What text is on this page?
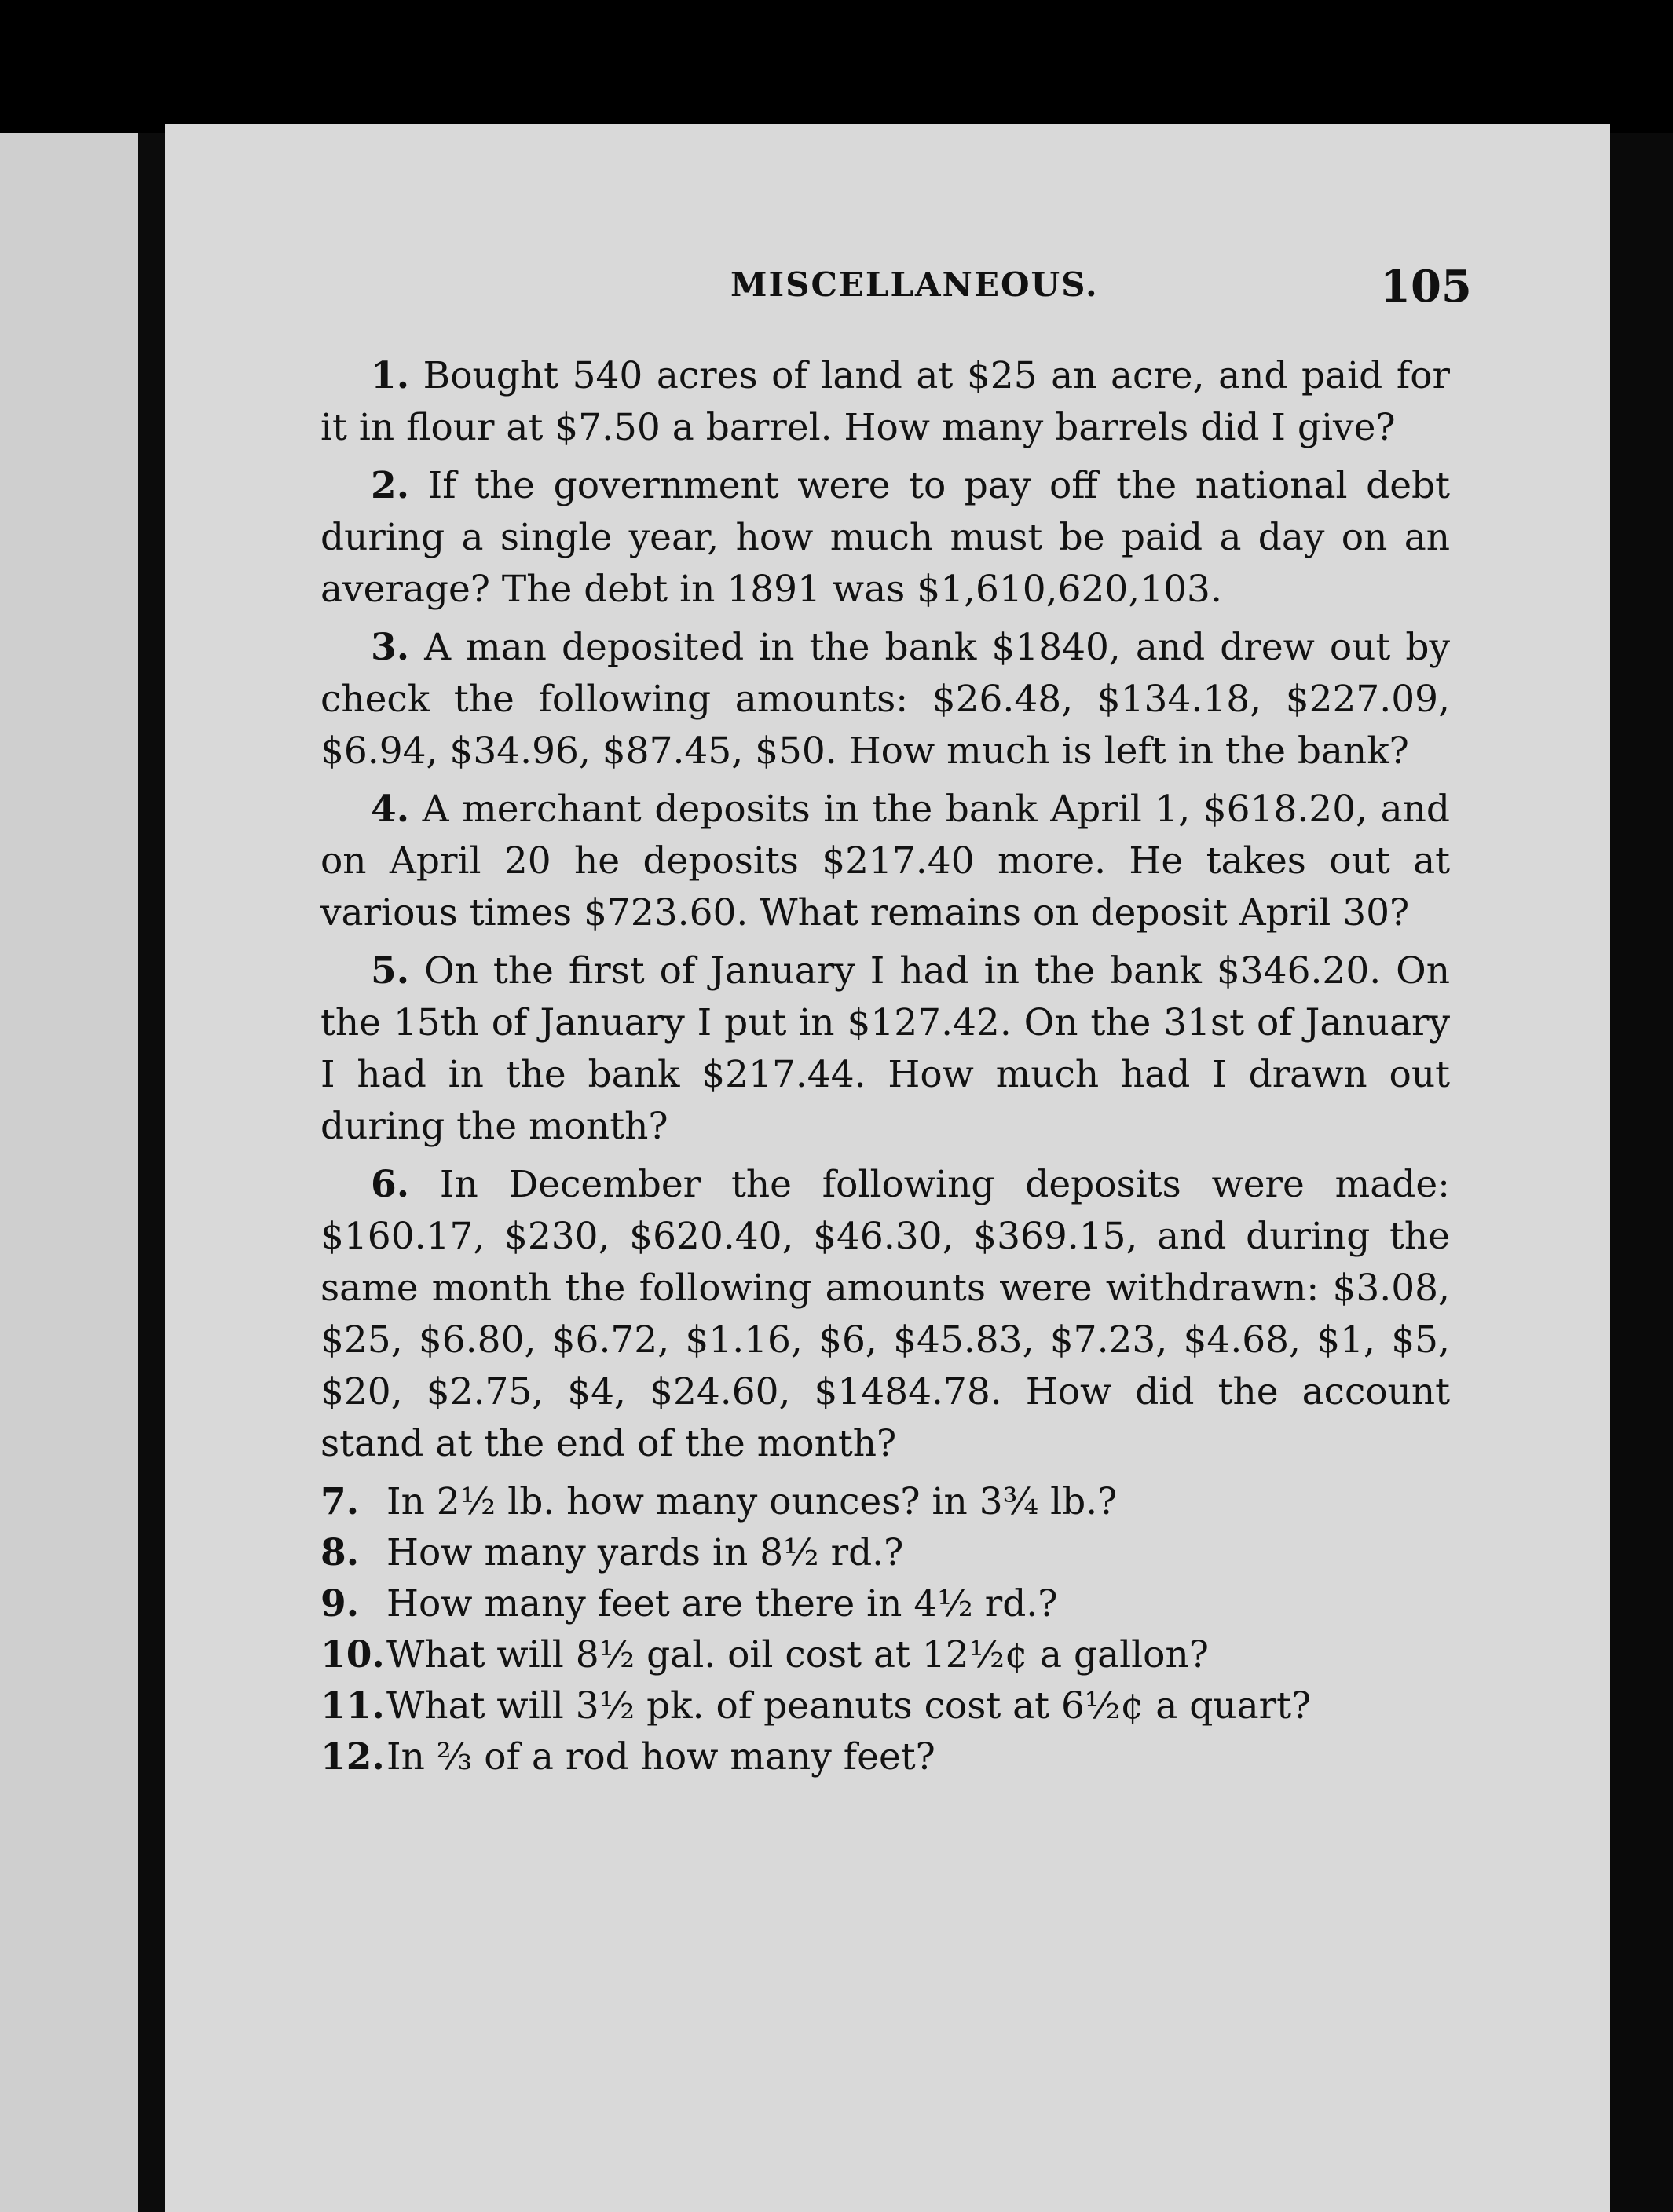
MISCELLANEOUS.	105

1. Bought 540 acres of land at $25 an acre, and paid for it in flour at $7.50 a barrel. How many barrels did I give?

2. If the government were to pay off the national debt during a single year, how much must be paid a day on an average? The debt in 1891 was $1,610,620,103.

3. A man deposited in the bank $1840, and drew out by check the following amounts: $26.48, $134.18, $227.09, $6.94, $34.96, $87.45, $50. How much is left in the bank?

4. A merchant deposits in the bank April 1, $618.20, and on April 20 he deposits $217.40 more. He takes out at various times $723.60. What remains on deposit April 30?

5. On the first of January I had in the bank $346.20. On the 15th of January I put in $127.42. On the 31st of January I had in the bank $217.44. How much had I drawn out during the month?

6. In December the following deposits were made: $160.17, $230, $620.40, $46.30, $369.15, and during the same month the following amounts were withdrawn: $3.08, $25, $6.80, $6.72, $1.16, $6, $45.83, $7.23, $4.68, $1, $5, $20, $2.75, $4, $24.60, $1484.78. How did the account stand at the end of the month?

7. In 2½ lb. how many ounces? in 3¾ lb.?

8. How many yards in 8½ rd.?

9. How many feet are there in 4½ rd.?

10.What will 8½ gal. oil cost at 12½¢ a gallon?

11.What will 3½ pk. of peanuts cost at 6½¢ a quart?

12.In ⅔ of a rod how many feet?
